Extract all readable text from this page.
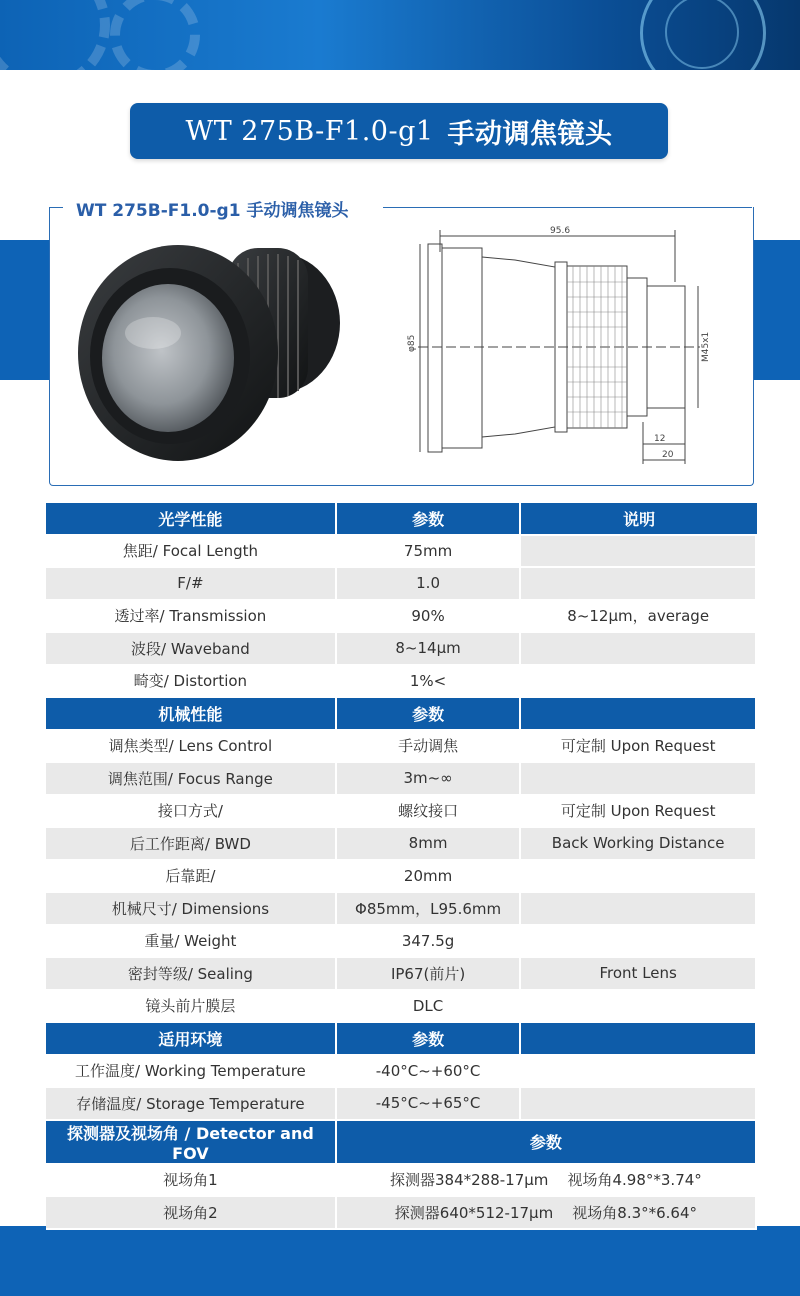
WT 275B-F1.0-g1 手动调焦镜头
WT 275B-F1.0-g1 手动调焦镜头
95.6
φ85	M45x1
12
20
光学性能	参数	说明
焦距/ Focal Length	75mm	
F/#	1.0	
透过率/ Transmission	90%	8~12μm，average
波段/ Waveband	8~14μm	
畸变/ Distortion	1%<	
机械性能	参数	
调焦类型/ Lens Control	手动调焦	可定制 Upon Request
调焦范围/ Focus Range	3m~∞	
接口方式/	螺纹接口	可定制 Upon Request
后工作距离/ BWD	8mm	Back Working Distance
后靠距/	20mm	
机械尺寸/ Dimensions	Φ85mm，L95.6mm	
重量/ Weight	347.5g	
密封等级/ Sealing	IP67(前片)	Front Lens
镜头前片膜层	DLC	
适用环境	参数	
工作温度/ Working Temperature	-40°C~+60°C	
存储温度/ Storage Temperature	-45°C~+65°C	
探测器及视场角 / Detector and FOV	参数	
视场角1	探测器384*288-17μm    视场角4.98°*3.74°	
视场角2	探测器640*512-17μm    视场角8.3°*6.64°	
